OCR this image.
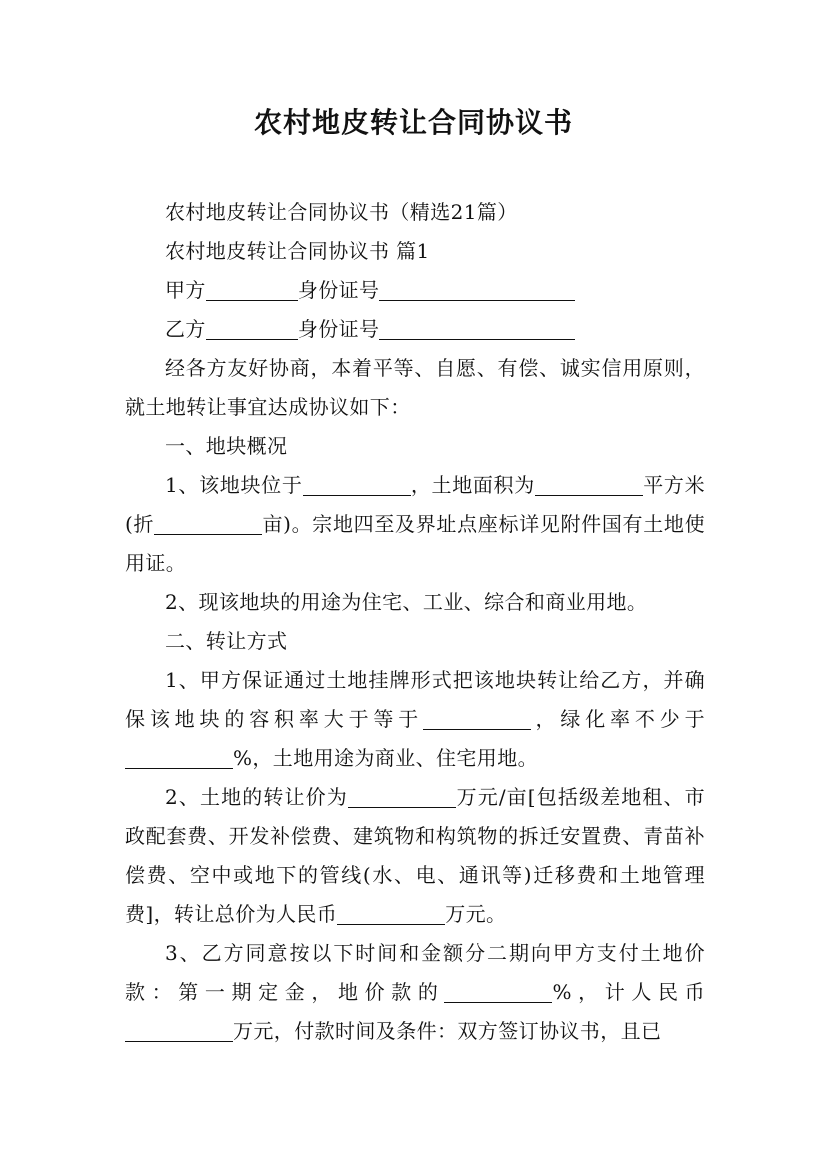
农村地皮转让合同协议书

农村地皮转让合同协议书（精选21篇）

农村地皮转让合同协议书 篇1

甲方	身份证号

乙方	身份证号

经各方友好协商，本着平等、自愿、有偿、诚实信用原则，就土地转让事宜达成协议如下：

一、地块概况

1、该地块位于	，土地面积为	平方米(折	亩)。宗地四至及界址点座标详见附件国有土地使用证。

2、现该地块的用途为住宅、工业、综合和商业用地。

二、转让方式

1、甲方保证通过土地挂牌形式把该地块转让给乙方，并确保该地块的容积率大于等于	，绿化率不少于%，土地用途为商业、住宅用地。

2、土地的转让价为	万元/亩[包括级差地租、市政配套费、开发补偿费、建筑物和构筑物的拆迁安置费、青苗补偿费、空中或地下的管线(水、电、通讯等)迁移费和土地管理费]，转让总价为人民币	万元。

3、乙方同意按以下时间和金额分二期向甲方支付土地价款：第一期定金，地价款的	%，计人民币万元，付款时间及条件：双方签订协议书，且已
